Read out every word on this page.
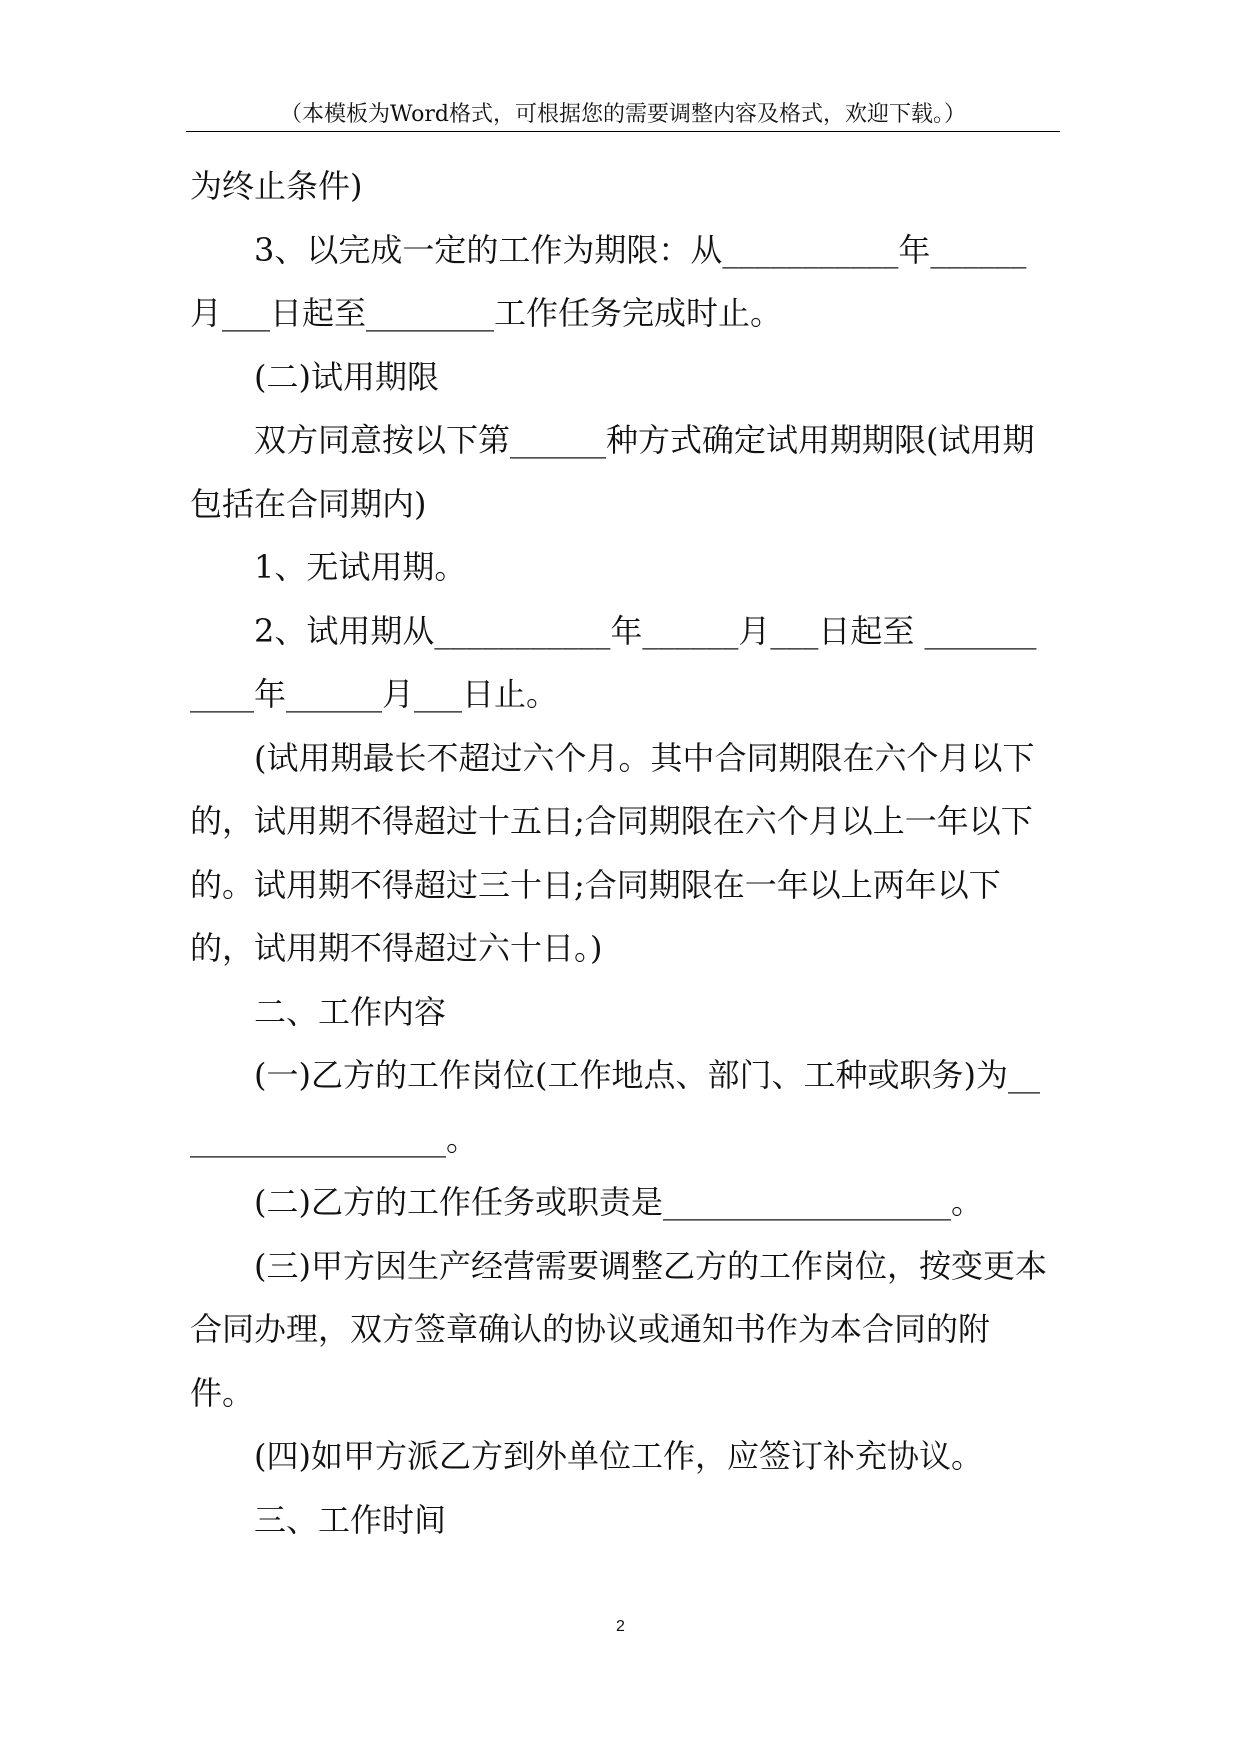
（本模板为Word格式，可根据您的需要调整内容及格式，欢迎下载。）

为终止条件)

3、以完成一定的工作为期限：从___________年______月___日起至________工作任务完成时止。

(二)试用期限

双方同意按以下第______种方式确定试用期期限(试用期包括在合同期内)

1、无试用期。

2、试用期从___________年______月___日起至 ___________年______月___日止。

(试用期最长不超过六个月。其中合同期限在六个月以下的，试用期不得超过十五日;合同期限在六个月以上一年以下的。试用期不得超过三十日;合同期限在一年以上两年以下的，试用期不得超过六十日。)

二、工作内容

(一)乙方的工作岗位(工作地点、部门、工种或职务)为__________________。

(二)乙方的工作任务或职责是__________________。

(三)甲方因生产经营需要调整乙方的工作岗位，按变更本合同办理，双方签章确认的协议或通知书作为本合同的附件。

(四)如甲方派乙方到外单位工作，应签订补充协议。

三、工作时间

2
